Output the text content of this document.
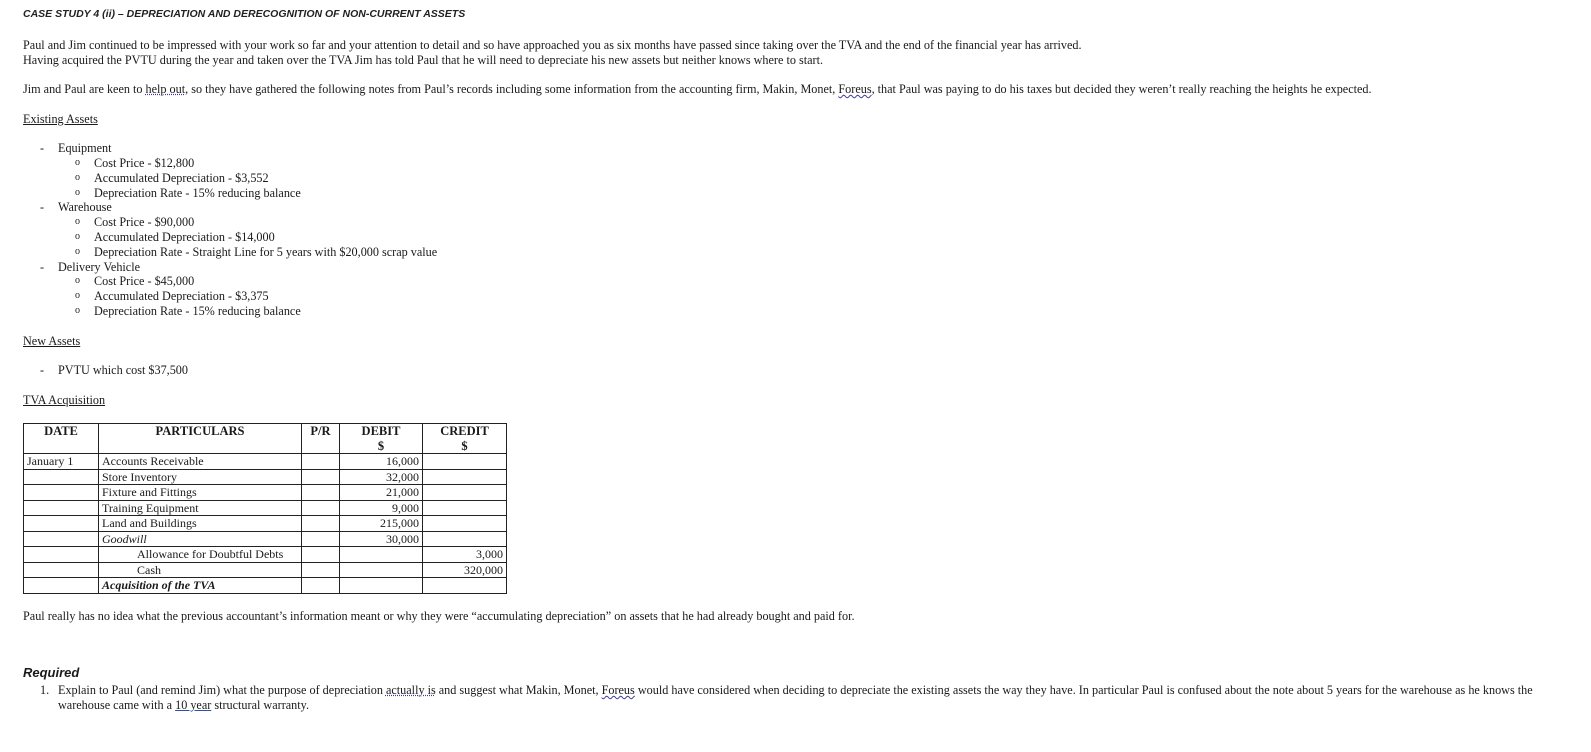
CASE STUDY 4 (ii) – DEPRECIATION AND DERECOGNITION OF NON-CURRENT ASSETS
Paul and Jim continued to be impressed with your work so far and your attention to detail and so have approached you as six months have passed since taking over the TVA and the end of the financial year has arrived.
Having acquired the PVTU during the year and taken over the TVA Jim has told Paul that he will need to depreciate his new assets but neither knows where to start.
Jim and Paul are keen to help out, so they have gathered the following notes from Paul’s records including some information from the accounting firm, Makin, Monet, Foreus, that Paul was paying to do his taxes but decided they weren’t really reaching the heights he expected.
Existing Assets
- Equipment
o Cost Price - $12,800
o Accumulated Depreciation - $3,552
o Depreciation Rate - 15% reducing balance
- Warehouse
o Cost Price - $90,000
o Accumulated Depreciation - $14,000
o Depreciation Rate - Straight Line for 5 years with $20,000 scrap value
- Delivery Vehicle
o Cost Price - $45,000
o Accumulated Depreciation - $3,375
o Depreciation Rate - 15% reducing balance
New Assets
- PVTU which cost $37,500
TVA Acquisition
DATE	PARTICULARS	P/R	DEBIT	CREDIT
			$	$
January 1	Accounts Receivable		16,000	
	Store Inventory		32,000	
	Fixture and Fittings		21,000	
	Training Equipment		9,000	
	Land and Buildings		215,000	
	Goodwill		30,000	
	Allowance for Doubtful Debts			3,000
	Cash			320,000
	Acquisition of the TVA			
Paul really has no idea what the previous accountant’s information meant or why they were “accumulating depreciation” on assets that he had already bought and paid for.
Required
1. Explain to Paul (and remind Jim) what the purpose of depreciation actually is and suggest what Makin, Monet, Foreus would have considered when deciding to depreciate the existing assets the way they have. In particular Paul is confused about the note about 5 years for the warehouse as he knows the
warehouse came with a 10 year structural warranty.
